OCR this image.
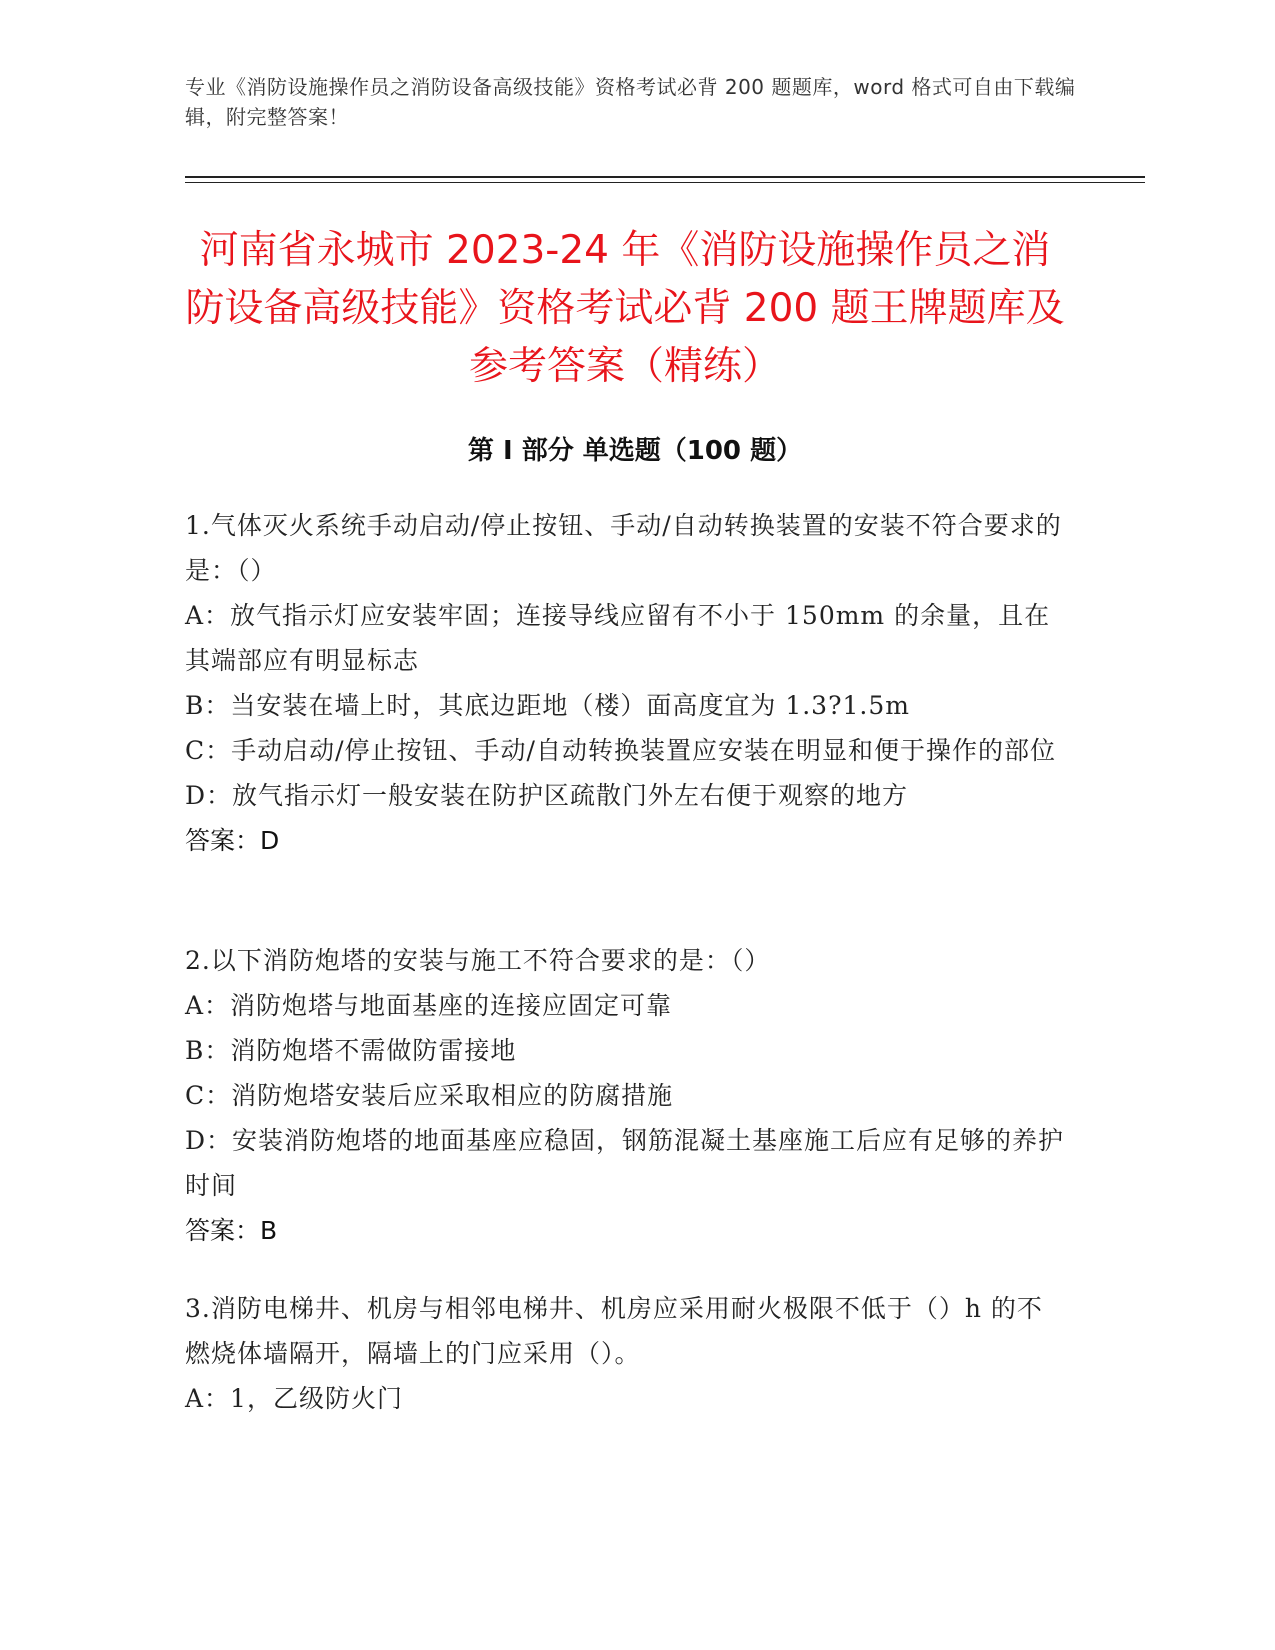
专业《消防设施操作员之消防设备高级技能》资格考试必背 200 题题库，word 格式可自由下载编辑，附完整答案！
河南省永城市 2023-24 年《消防设施操作员之消防设备高级技能》资格考试必背 200 题王牌题库及参考答案（精练）
第 I 部分 单选题（100 题）

1.气体灭火系统手动启动/停止按钮、手动/自动转换装置的安装不符合要求的是：（）

A：放气指示灯应安装牢固；连接导线应留有不小于 150mm 的余量，且在其端部应有明显标志

B：当安装在墙上时，其底边距地（楼）面高度宜为 1.3?1.5m

C：手动启动/停止按钮、手动/自动转换装置应安装在明显和便于操作的部位

D：放气指示灯一般安装在防护区疏散门外左右便于观察的地方

答案：D

2.以下消防炮塔的安装与施工不符合要求的是：（）

A：消防炮塔与地面基座的连接应固定可靠

B：消防炮塔不需做防雷接地

C：消防炮塔安装后应采取相应的防腐措施

D：安装消防炮塔的地面基座应稳固，钢筋混凝土基座施工后应有足够的养护时间

答案：B

3.消防电梯井、机房与相邻电梯井、机房应采用耐火极限不低于（）h 的不燃烧体墙隔开，隔墙上的门应采用（）。

A：1，乙级防火门
